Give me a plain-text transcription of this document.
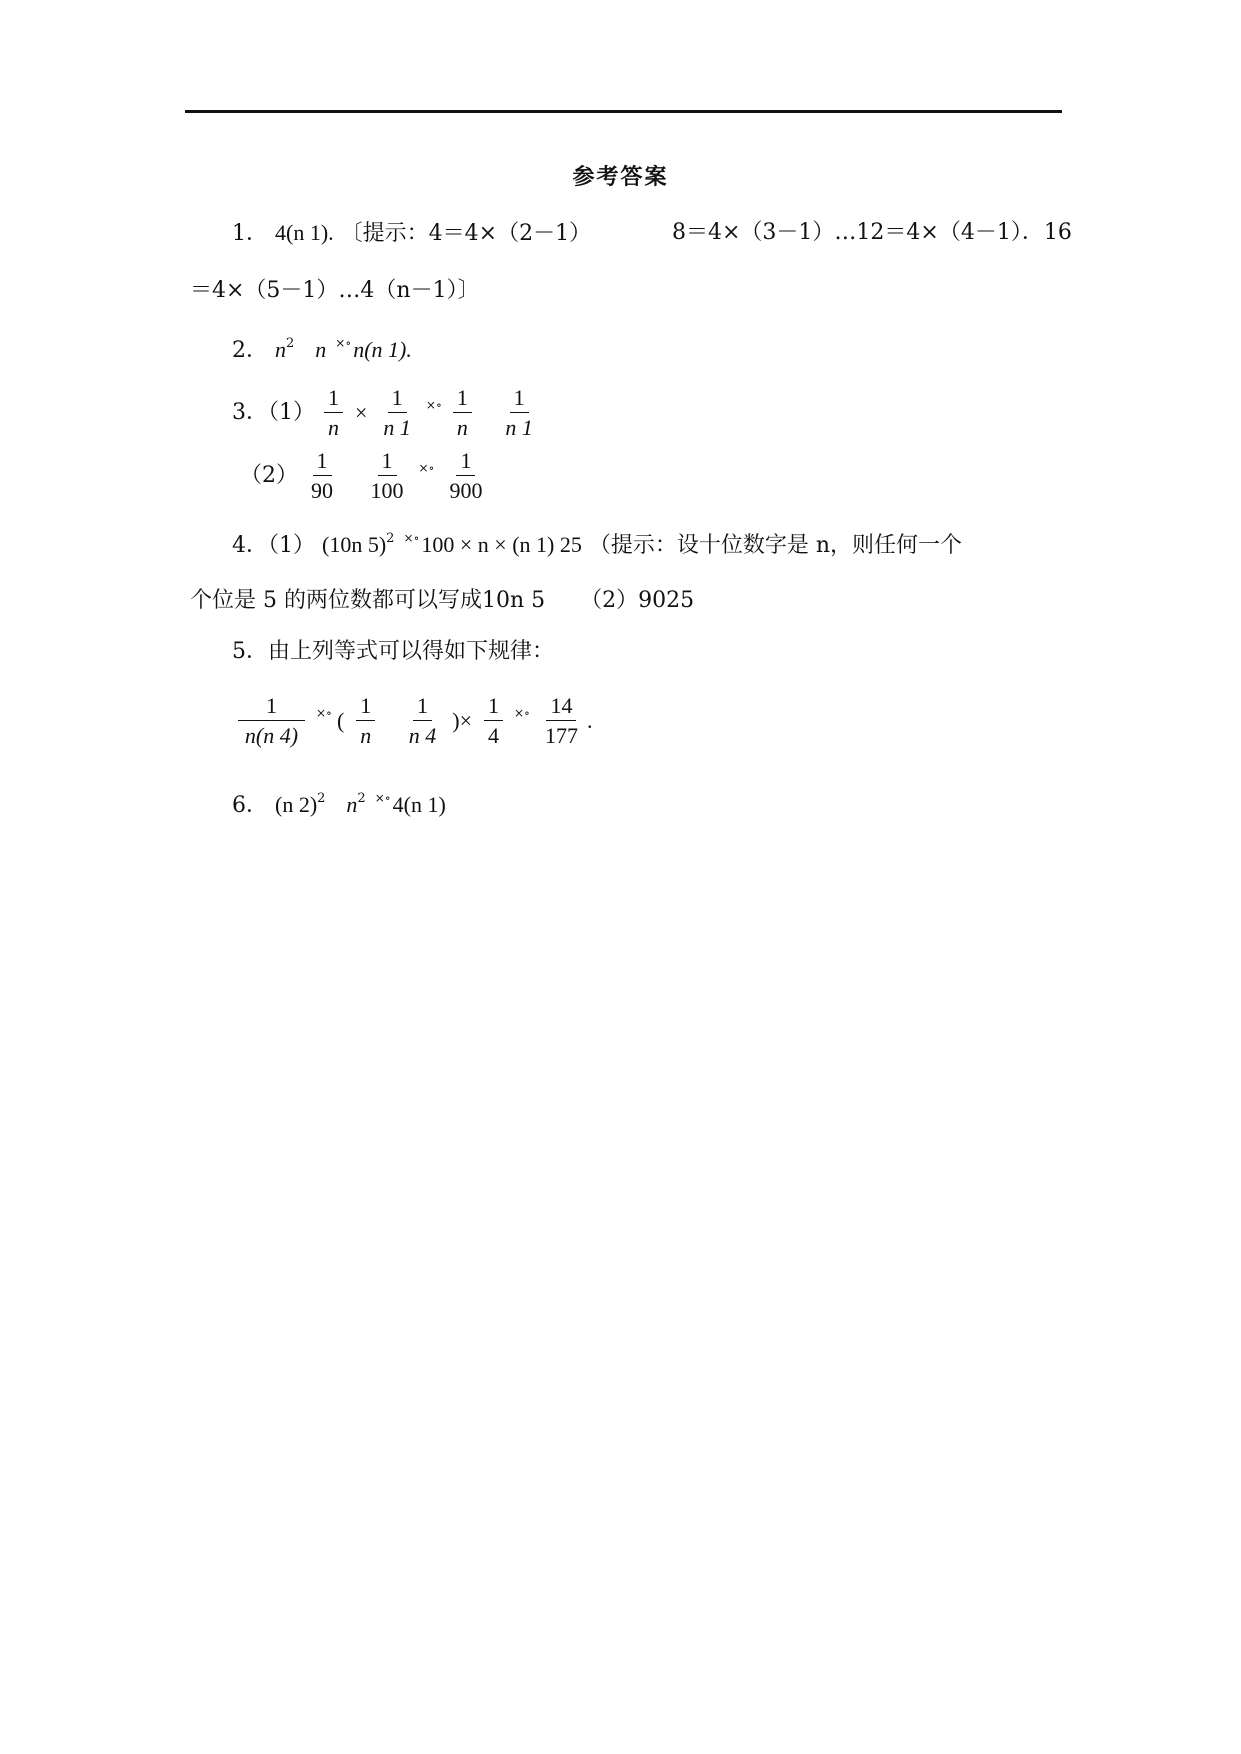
参考答案
1． 4(n 1). 〔提示：4＝4×（2－1）	8＝4×（3－1）…12＝4×（4－1）．16
＝4×（5－1）…4（n－1）〕
2． $n^2$ n ×∘n(n 1).
3．$(1) \frac{1}{n} \times \frac{1}{n 1} ^{\times\circ} \frac{1}{n}$
$\frac{1}{n 1}$
$(2) \frac{1}{90}$
$\frac{1}{100} ^{\times\circ} \frac{1}{900}$
4．（1） (10n 5)$^2$ ×∘100 × n × (n 1) 25 （提示：设十位数字是 n，则任何一个
个位是 5 的两位数都可以写成10n 5 （2）9025
5．由上列等式可以得如下规律：
$\frac{1}{n(n 4)} ^{\times\circ}$ ( $\frac{1}{n}$
$\frac{1}{n 4}$ )× $\frac{1}{4} ^{\times\circ} \frac{14}{177}$ .
6． (n 2)$^2$ $n^2$ ×∘4(n 1)
